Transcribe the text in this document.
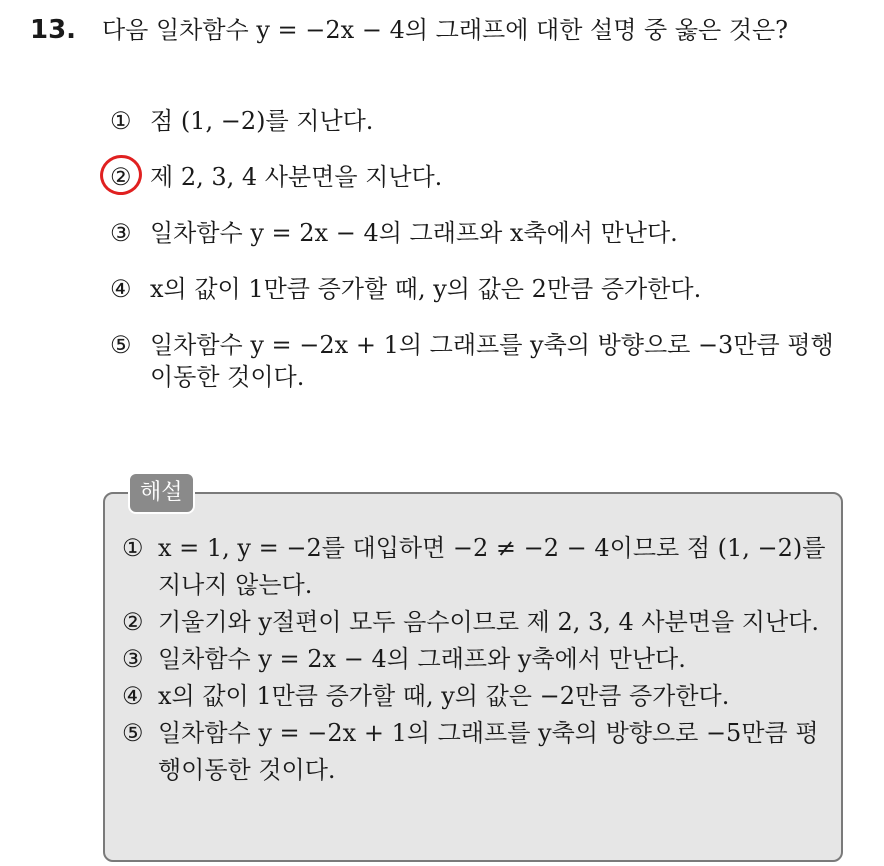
13.	다음 일차함수 y = −2x − 4의 그래프에 대한 설명 중 옳은 것은?
① 점 (1, −2)를 지난다.
② 제 2, 3, 4 사분면을 지난다.
③ 일차함수 y = 2x − 4의 그래프와 x축에서 만난다.
④ x의 값이 1만큼 증가할 때, y의 값은 2만큼 증가한다.
⑤ 일차함수 y = −2x + 1의 그래프를 y축의 방향으로 −3만큼 평행이동한 것이다.
해설
① x = 1, y = −2를 대입하면 −2 ≠ −2 − 4이므로 점 (1, −2)를 지나지 않는다.
② 기울기와 y절편이 모두 음수이므로 제 2, 3, 4 사분면을 지난다.
③ 일차함수 y = 2x − 4의 그래프와 y축에서 만난다.
④ x의 값이 1만큼 증가할 때, y의 값은 −2만큼 증가한다.
⑤ 일차함수 y = −2x + 1의 그래프를 y축의 방향으로 −5만큼 평행이동한 것이다.
